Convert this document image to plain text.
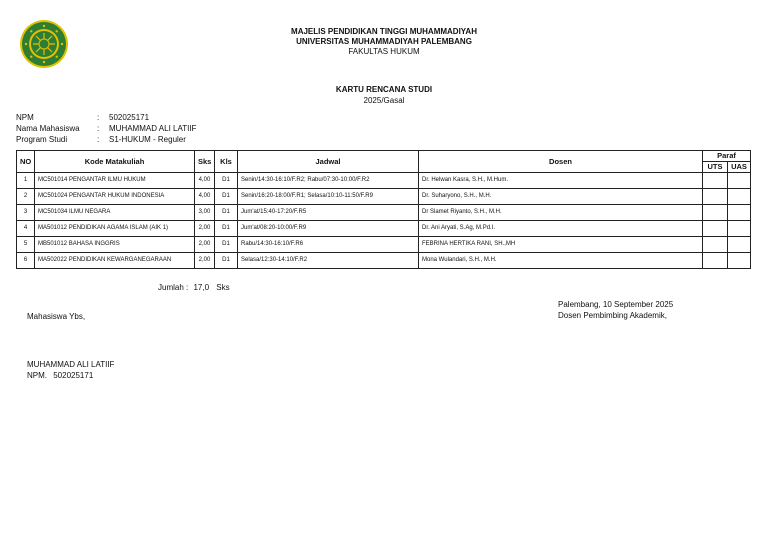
MAJELIS PENDIDIKAN TINGGI MUHAMMADIYAH
UNIVERSITAS MUHAMMADIYAH PALEMBANG
FAKULTAS HUKUM
KARTU RENCANA STUDI
2025/Gasal
NPM	: 502025171
Nama Mahasiswa : MUHAMMAD ALI LATIIF
Program Studi	: S1-HUKUM - Reguler
NO	Kode Matakuliah	Sks	Kls	Jadwal	Dosen	Paraf	
						UTS	UAS
1	MC501014 PENGANTAR ILMU HUKUM	4,00	D1	Senin/14:30-16:10/F.R2; Rabu/07:30-10:00/F.R2	Dr. Helwan Kasra, S.H., M.Hum.		
2	MC501024 PENGANTAR HUKUM INDONESIA	4,00	D1	Senin/16:20-18:00/F.R1; Selasa/10:10-11:50/F.R9	Dr. Suharyono, S.H., M.H.		
3	MC501034 ILMU NEGARA	3,00	D1	Jum'at/15:40-17:20/F.R5	Dr Slamet Riyanto, S.H., M.H.		
4	MA501012 PENDIDIKAN AGAMA ISLAM (AIK 1)	2,00	D1	Jum'at/08:20-10:00/F.R9	Dr. Ani Aryati, S.Ag, M.Pd.I.		
5	MB501012 BAHASA INGGRIS	2,00	D1	Rabu/14:30-16:10/F.R6	FEBRINA HERTIKA RANI, SH.,MH		
6	MA502022 PENDIDIKAN KEWARGANEGARAAN	2,00	D1	Selasa/12:30-14:10/F.R2	Mona Wulandari, S.H., M.H.		
Jumlah : 17,0 Sks
Palembang, 10 September 2025
Dosen Pembimbing Akademik,
Mahasiswa Ybs,
MUHAMMAD ALI LATIIF
NPM. 502025171
